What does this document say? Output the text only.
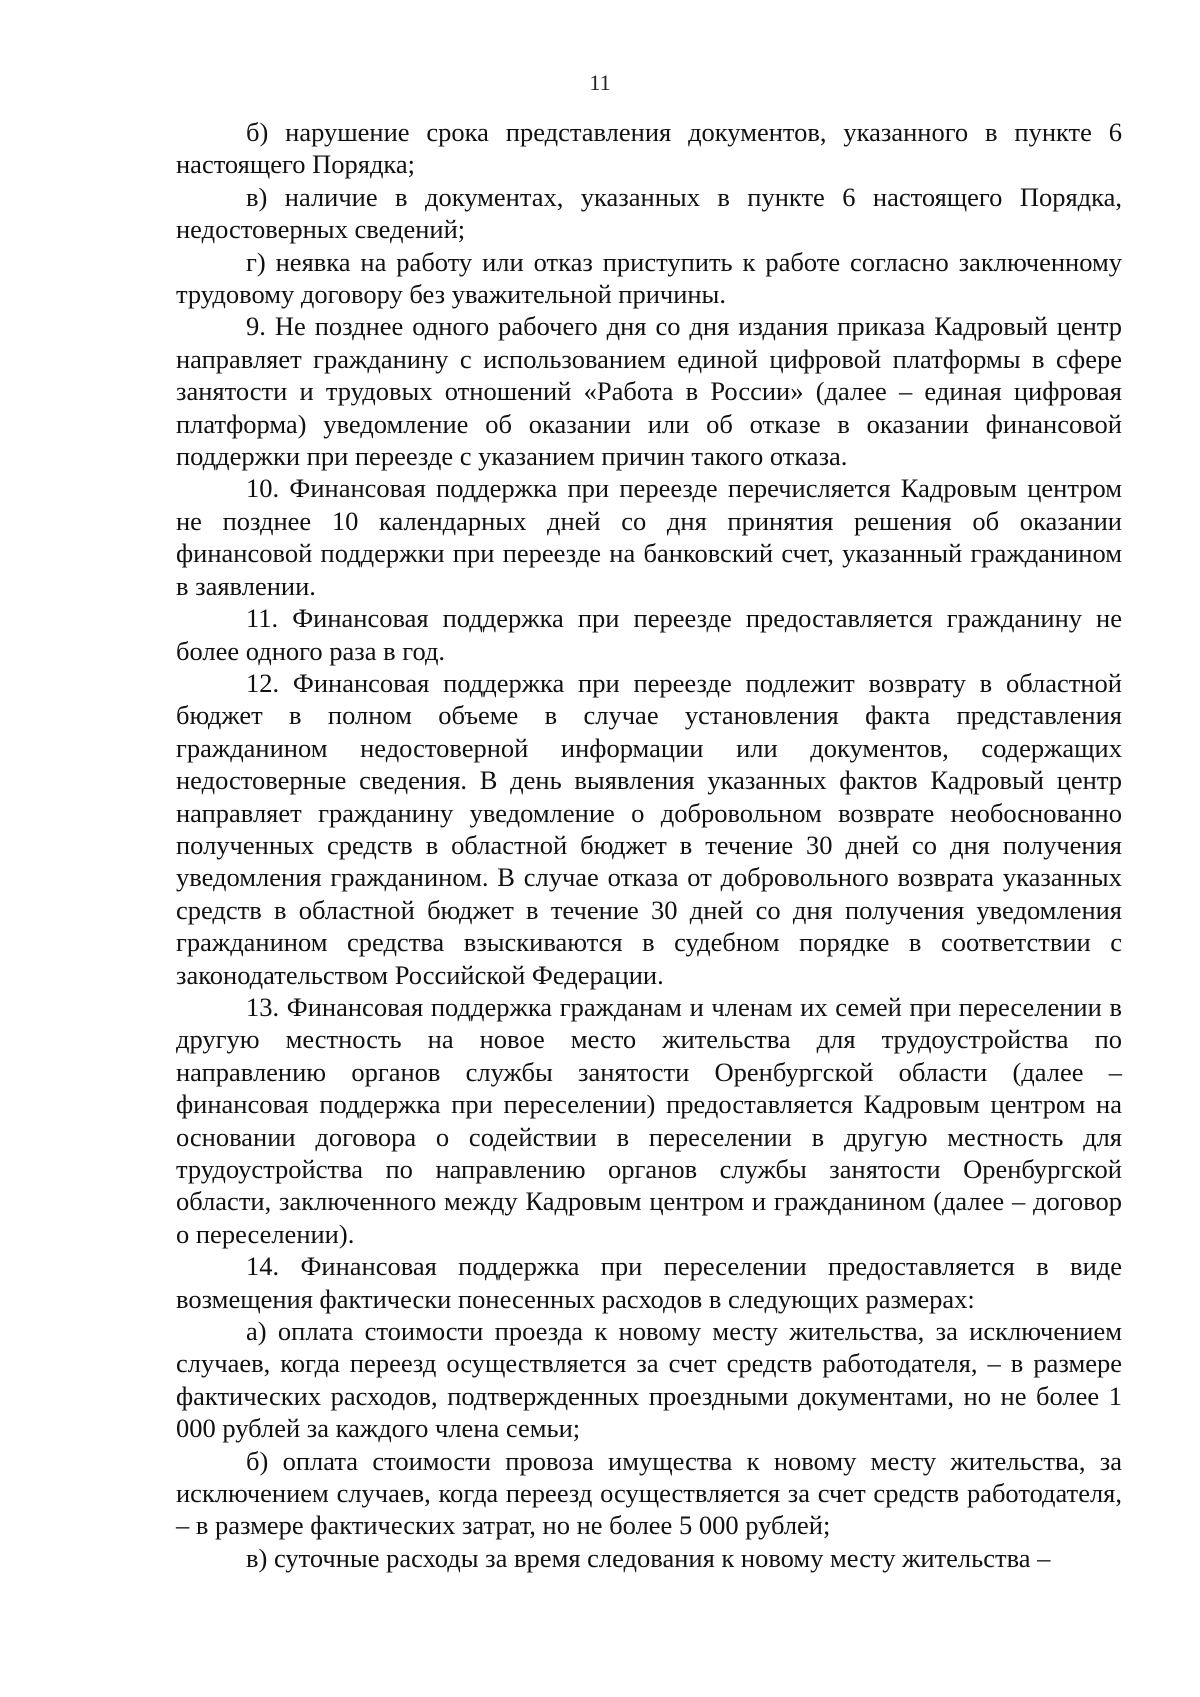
11

б) нарушение срока представления документов, указанного в пункте 6 настоящего Порядка;

в) наличие в документах, указанных в пункте 6 настоящего Порядка, недостоверных сведений;

г) неявка на работу или отказ приступить к работе согласно заключенному трудовому договору без уважительной причины.

9. Не позднее одного рабочего дня со дня издания приказа Кадровый центр направляет гражданину с использованием единой цифровой платформы в сфере занятости и трудовых отношений «Работа в России» (далее – единая цифровая платформа) уведомление об оказании или об отказе в оказании финансовой поддержки при переезде с указанием причин такого отказа.

10. Финансовая поддержка при переезде перечисляется Кадровым центром не позднее 10 календарных дней со дня принятия решения об оказании финансовой поддержки при переезде на банковский счет, указанный гражданином в заявлении.

11. Финансовая поддержка при переезде предоставляется гражданину не более одного раза в год.

12. Финансовая поддержка при переезде подлежит возврату в областной бюджет в полном объеме в случае установления факта представления гражданином недостоверной информации или документов, содержащих недостоверные сведения. В день выявления указанных фактов Кадровый центр направляет гражданину уведомление о добровольном возврате необоснованно полученных средств в областной бюджет в течение 30 дней со дня получения уведомления гражданином. В случае отказа от добровольного возврата указанных средств в областной бюджет в течение 30 дней со дня получения уведомления гражданином средства взыскиваются в судебном порядке в соответствии с законодательством Российской Федерации.

13. Финансовая поддержка гражданам и членам их семей при переселении в другую местность на новое место жительства для трудоустройства по направлению органов службы занятости Оренбургской области (далее – финансовая поддержка при переселении) предоставляется Кадровым центром на основании договора о содействии в переселении в другую местность для трудоустройства по направлению органов службы занятости Оренбургской области, заключенного между Кадровым центром и гражданином (далее – договор о переселении).

14. Финансовая поддержка при переселении предоставляется в виде возмещения фактически понесенных расходов в следующих размерах:

а) оплата стоимости проезда к новому месту жительства, за исключением случаев, когда переезд осуществляется за счет средств работодателя, – в размере фактических расходов, подтвержденных проездными документами, но не более 1 000 рублей за каждого члена семьи;

б) оплата стоимости провоза имущества к новому месту жительства, за исключением случаев, когда переезд осуществляется за счет средств работодателя, – в размере фактических затрат, но не более 5 000 рублей;

в) суточные расходы за время следования к новому месту жительства –
